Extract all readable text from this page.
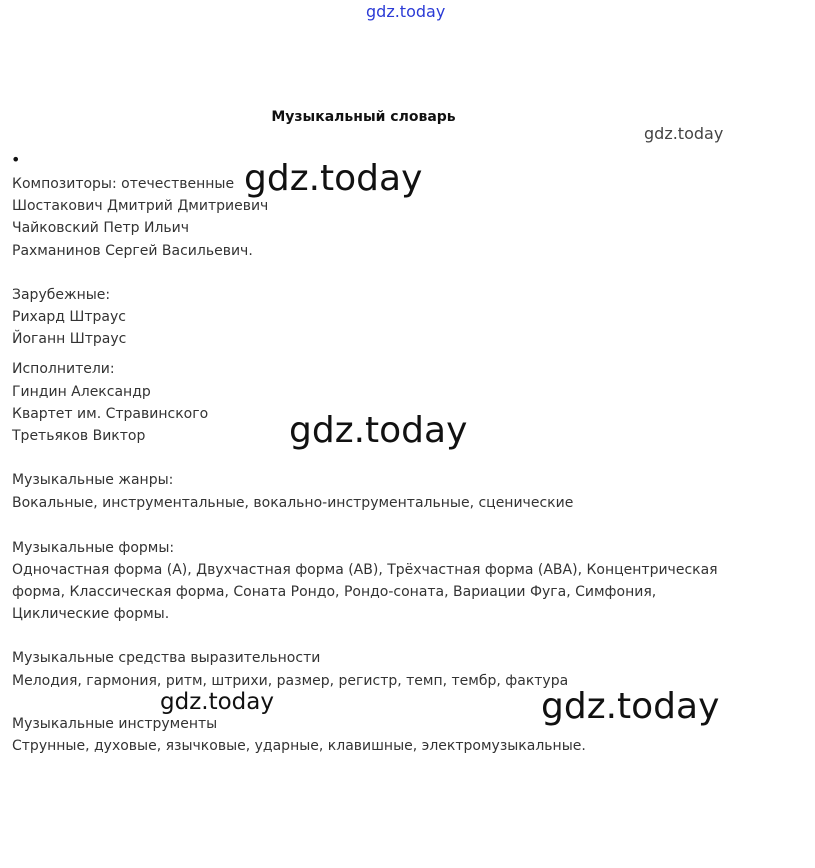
gdz.today
Музыкальный словарь
•
Композиторы: отечественные
Шостакович Дмитрий Дмитриевич
Чайковский Петр Ильич
Рахманинов Сергей Васильевич.
Зарубежные:
Рихард Штраус
Йоганн Штраус
Исполнители:
Гиндин Александр
Квартет им. Стравинского
Третьяков Виктор
Музыкальные жанры:
Вокальные, инструментальные, вокально-инструментальные, сценические
Музыкальные формы:
Одночастная форма (А), Двухчастная форма (АВ), Трёхчастная форма (АВА), Концентрическая
форма, Классическая форма, Соната Рондо, Рондо-соната, Вариации Фуга, Симфония,
Циклические формы.
Музыкальные средства выразительности
Мелодия, гармония, ритм, штрихи, размер, регистр, темп, тембр, фактура
Музыкальные инструменты
Струнные, духовые, язычковые, ударные, клавишные, электромузыкальные.
gdz.today
gdz.today
gdz.today
gdz.today	gdz.today
